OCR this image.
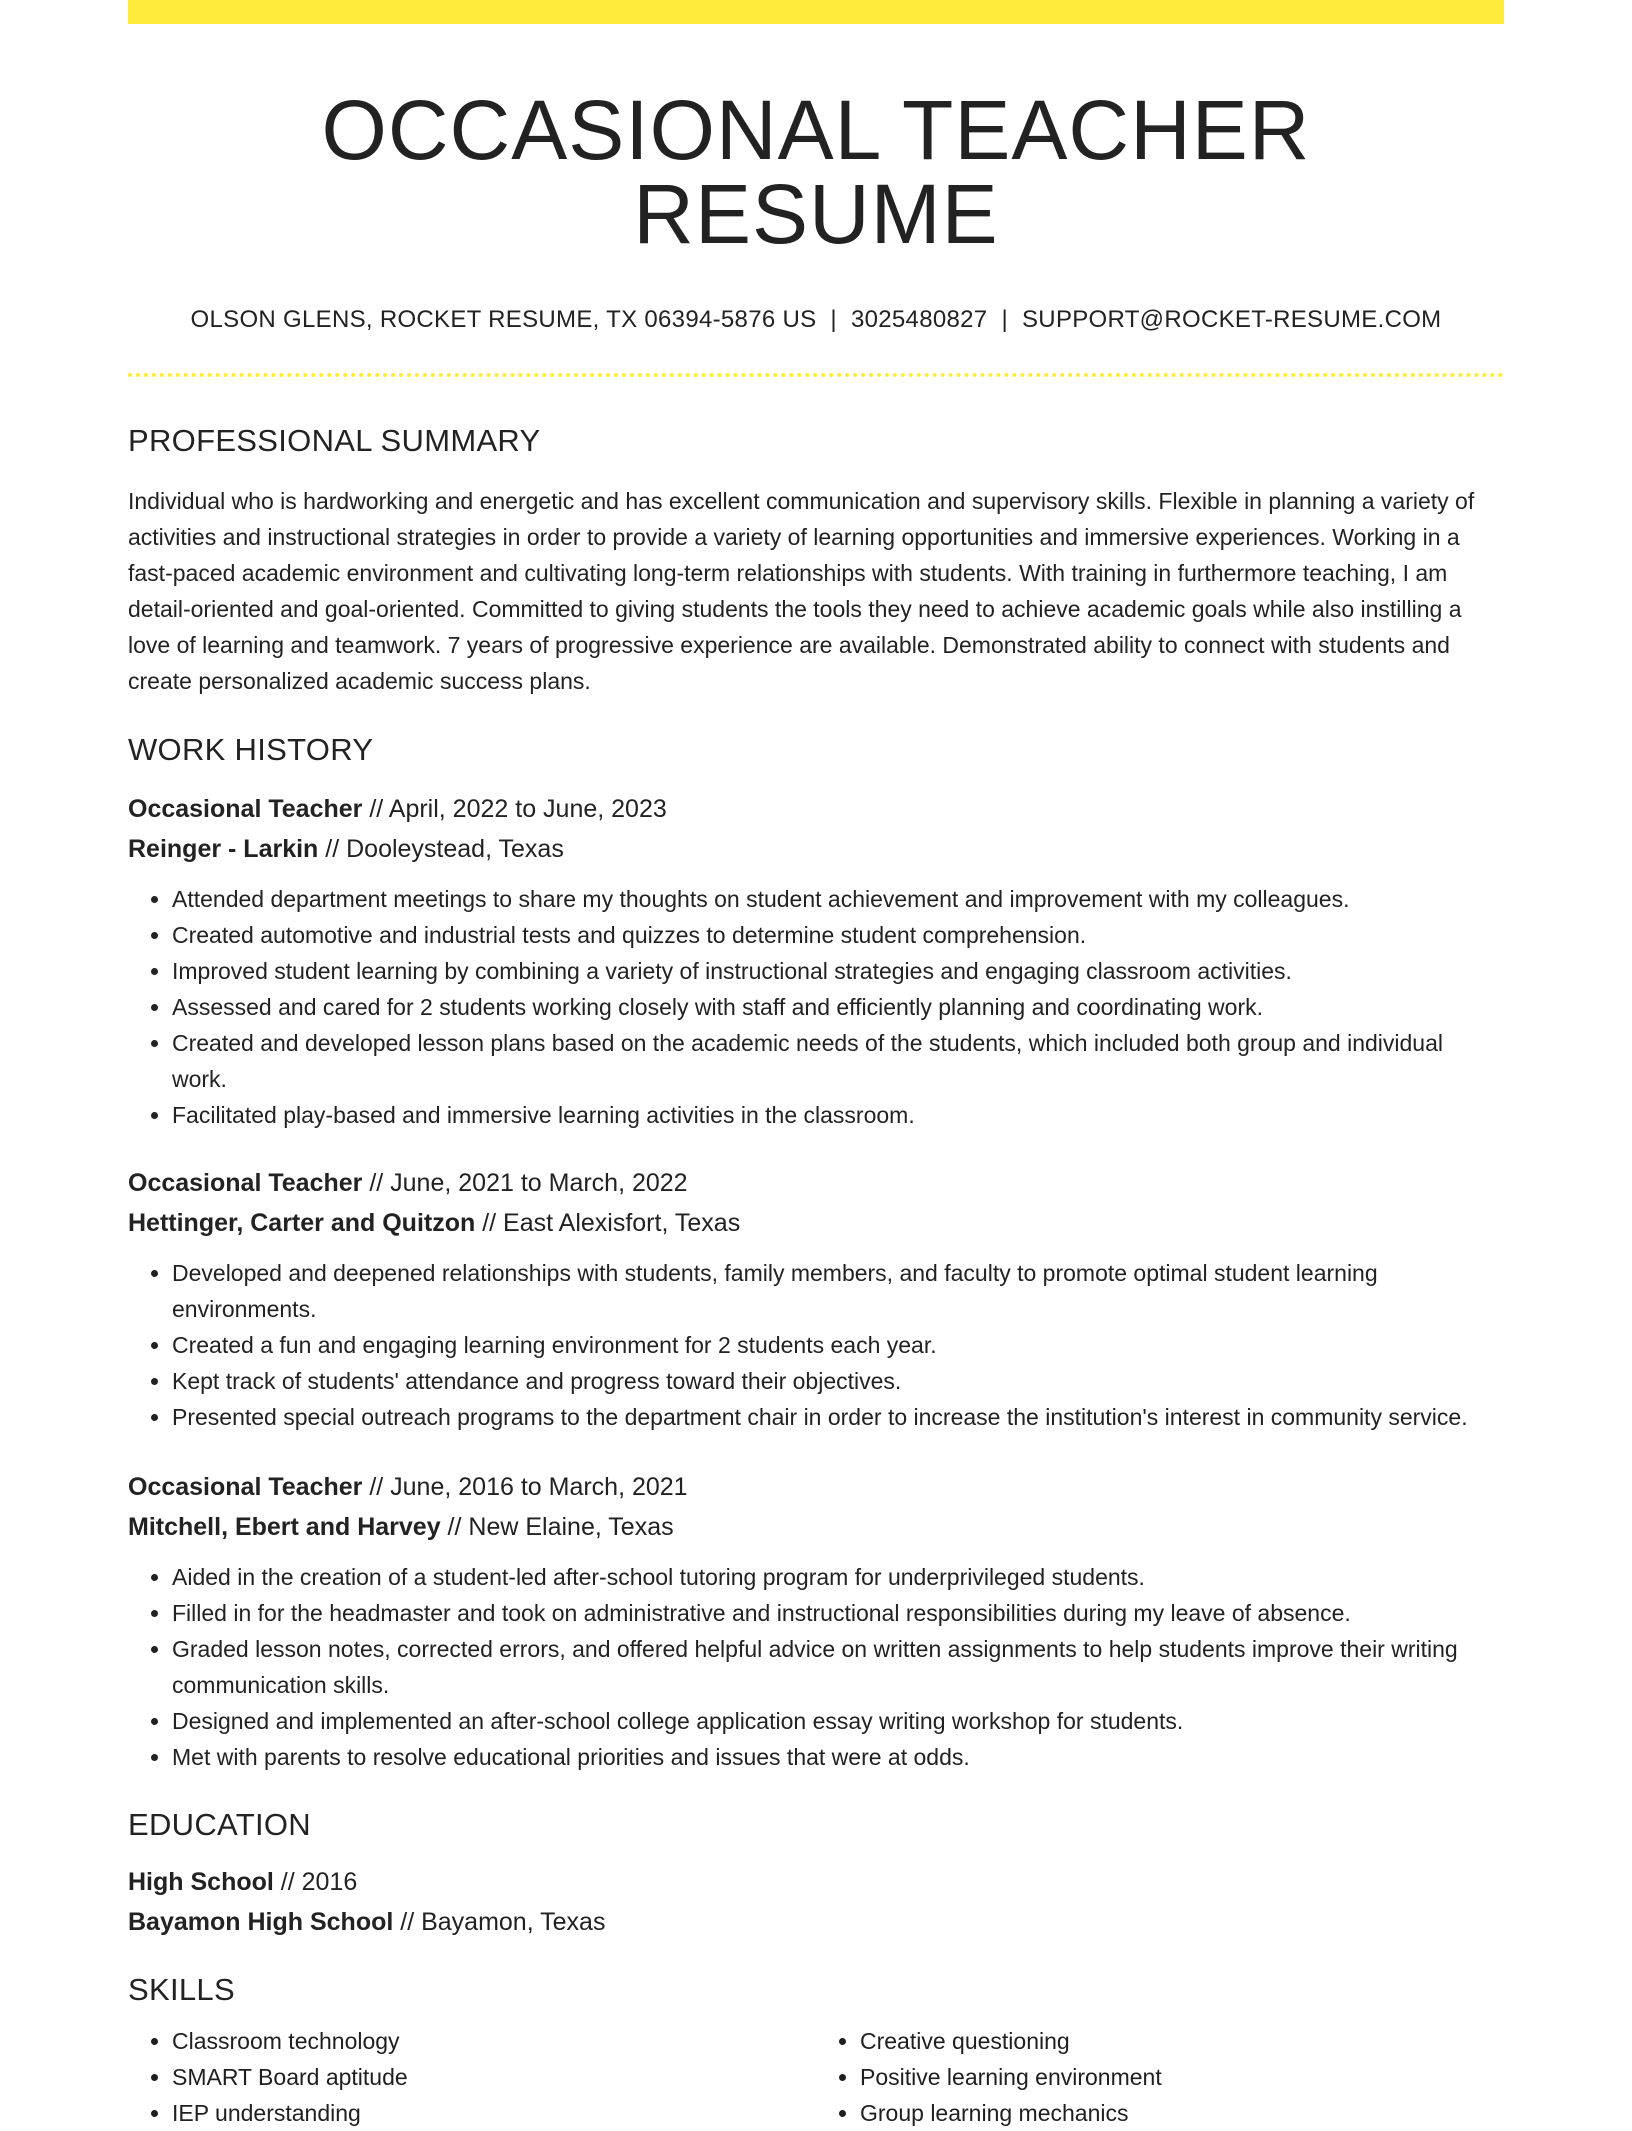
OCCASIONAL TEACHER RESUME
OLSON GLENS, ROCKET RESUME, TX 06394-5876 US | 3025480827 | SUPPORT@ROCKET-RESUME.COM
PROFESSIONAL SUMMARY
Individual who is hardworking and energetic and has excellent communication and supervisory skills. Flexible in planning a variety of activities and instructional strategies in order to provide a variety of learning opportunities and immersive experiences. Working in a fast-paced academic environment and cultivating long-term relationships with students. With training in furthermore teaching, I am detail-oriented and goal-oriented. Committed to giving students the tools they need to achieve academic goals while also instilling a love of learning and teamwork. 7 years of progressive experience are available. Demonstrated ability to connect with students and create personalized academic success plans.
WORK HISTORY
Occasional Teacher // April, 2022 to June, 2023
Reinger - Larkin // Dooleystead, Texas
• Attended department meetings to share my thoughts on student achievement and improvement with my colleagues.
• Created automotive and industrial tests and quizzes to determine student comprehension.
• Improved student learning by combining a variety of instructional strategies and engaging classroom activities.
• Assessed and cared for 2 students working closely with staff and efficiently planning and coordinating work.
• Created and developed lesson plans based on the academic needs of the students, which included both group and individual work.
• Facilitated play-based and immersive learning activities in the classroom.
Occasional Teacher // June, 2021 to March, 2022
Hettinger, Carter and Quitzon // East Alexisfort, Texas
• Developed and deepened relationships with students, family members, and faculty to promote optimal student learning environments.
• Created a fun and engaging learning environment for 2 students each year.
• Kept track of students' attendance and progress toward their objectives.
• Presented special outreach programs to the department chair in order to increase the institution's interest in community service.
Occasional Teacher // June, 2016 to March, 2021
Mitchell, Ebert and Harvey // New Elaine, Texas
• Aided in the creation of a student-led after-school tutoring program for underprivileged students.
• Filled in for the headmaster and took on administrative and instructional responsibilities during my leave of absence.
• Graded lesson notes, corrected errors, and offered helpful advice on written assignments to help students improve their writing communication skills.
• Designed and implemented an after-school college application essay writing workshop for students.
• Met with parents to resolve educational priorities and issues that were at odds.
EDUCATION
High School // 2016
Bayamon High School // Bayamon, Texas
SKILLS
• Classroom technology
• SMART Board aptitude
• IEP understanding
• Creative questioning
• Positive learning environment
• Group learning mechanics
